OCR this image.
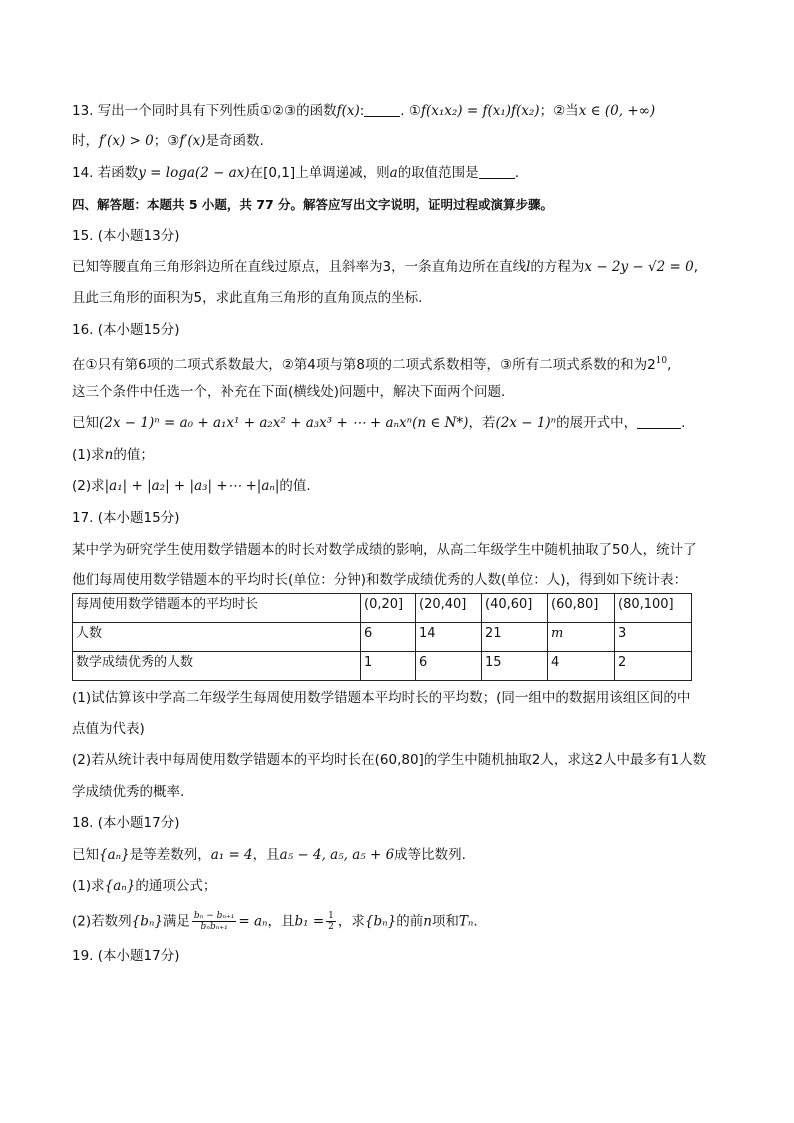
13. 写出一个同时具有下列性质①②③的函数f(x):	. ①f(x₁x₂) = f(x₁)f(x₂)；②当x ∈ (0, +∞)
时，f′(x) > 0；③f′(x)是奇函数.
14. 若函数y = loga(2 − ax)在[0,1]上单调递减，则a的取值范围是	.
四、解答题：本题共 5 小题，共 77 分。解答应写出文字说明，证明过程或演算步骤。
15. (本小题13分)
已知等腰直角三角形斜边所在直线过原点，且斜率为3，一条直角边所在直线l的方程为x − 2y − √2 = 0,
且此三角形的面积为5，求此直角三角形的直角顶点的坐标.
16. (本小题15分)
在①只有第6项的二项式系数最大，②第4项与第8项的二项式系数相等，③所有二项式系数的和为$2^{10}$,
这三个条件中任选一个，补充在下面(横线处)问题中，解决下面两个问题.
已知(2x − 1)ⁿ = a₀ + a₁x¹ + a₂x² + a₃x³ + ⋯ + aₙxⁿ(n ∈ N*)，若(2x − 1)ⁿ的展开式中，	.
(1)求n的值；
(2)求|a₁| + |a₂| + |a₃| +⋯ +|aₙ|的值.
17. (本小题15分)
某中学为研究学生使用数学错题本的时长对数学成绩的影响，从高二年级学生中随机抽取了50人，统计了
他们每周使用数学错题本的平均时长(单位：分钟)和数学成绩优秀的人数(单位：人)，得到如下统计表：
每周使用数学错题本的平均时长	(0,20]	(20,40]	(40,60]	(60,80]	(80,100]
人数	6	14	21	m	3
数学成绩优秀的人数	1	6	15	4	2
(1)试估算该中学高二年级学生每周使用数学错题本平均时长的平均数；(同一组中的数据用该组区间的中
点值为代表)
(2)若从统计表中每周使用数学错题本的平均时长在(60,80]的学生中随机抽取2人，求这2人中最多有1人数
学成绩优秀的概率.
18. (本小题17分)
已知{aₙ}是等差数列，a₁ = 4，且a₅ − 4, a₅, a₅ + 6成等比数列.
(1)求{aₙ}的通项公式；
(2)若数列{bₙ}满足 $\frac{\text{bₙ − bₙ₊₁}}{\text{bₙbₙ₊₁}} = a_n$，且$b_1 = \frac{1}{2}$ ，求{bₙ}的前n项和Tₙ.
19. (本小题17分)
